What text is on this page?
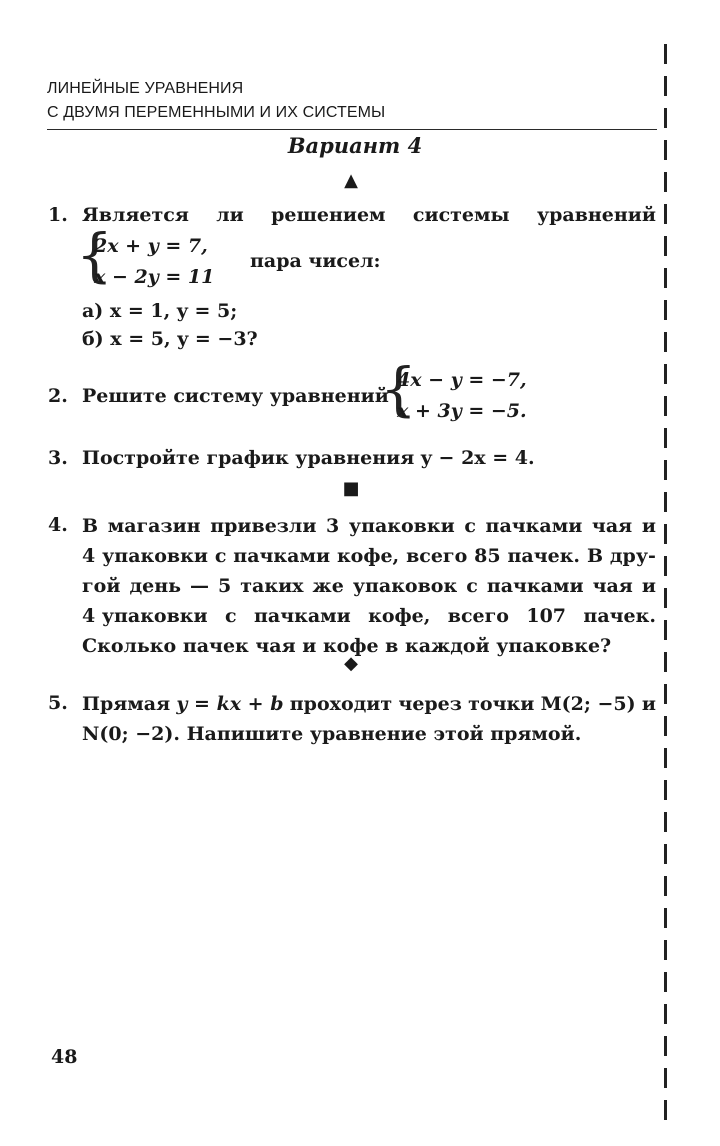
ЛИНЕЙНЫЕ УРАВНЕНИЯ
С ДВУМЯ ПЕРЕМЕННЫМИ И ИХ СИСТЕМЫ
Вариант 4
▲
1. Является ли решением системы уравнений
{
2x + y = 7,
x − 2y = 11
пара чисел:
а) x = 1, y = 5;
б) x = 5, y = −3?
2. Решите систему уравнений
{
4x − y = −7,
x + 3y = −5.
3. Постройте график уравнения y − 2x = 4.
■
4. В магазин привезли 3 упаковки с пачками чая и
4 упаковки с пачками кофе, всего 85 пачек. В дру-
гой день — 5 таких же упаковок с пачками чая и
4 упаковки с пачками кофе, всего 107 пачек.
Сколько пачек чая и кофе в каждой упаковке?
◆
5. Прямая y = kx + b проходит через точки M(2; −5) и
N(0; −2). Напишите уравнение этой прямой.
48
